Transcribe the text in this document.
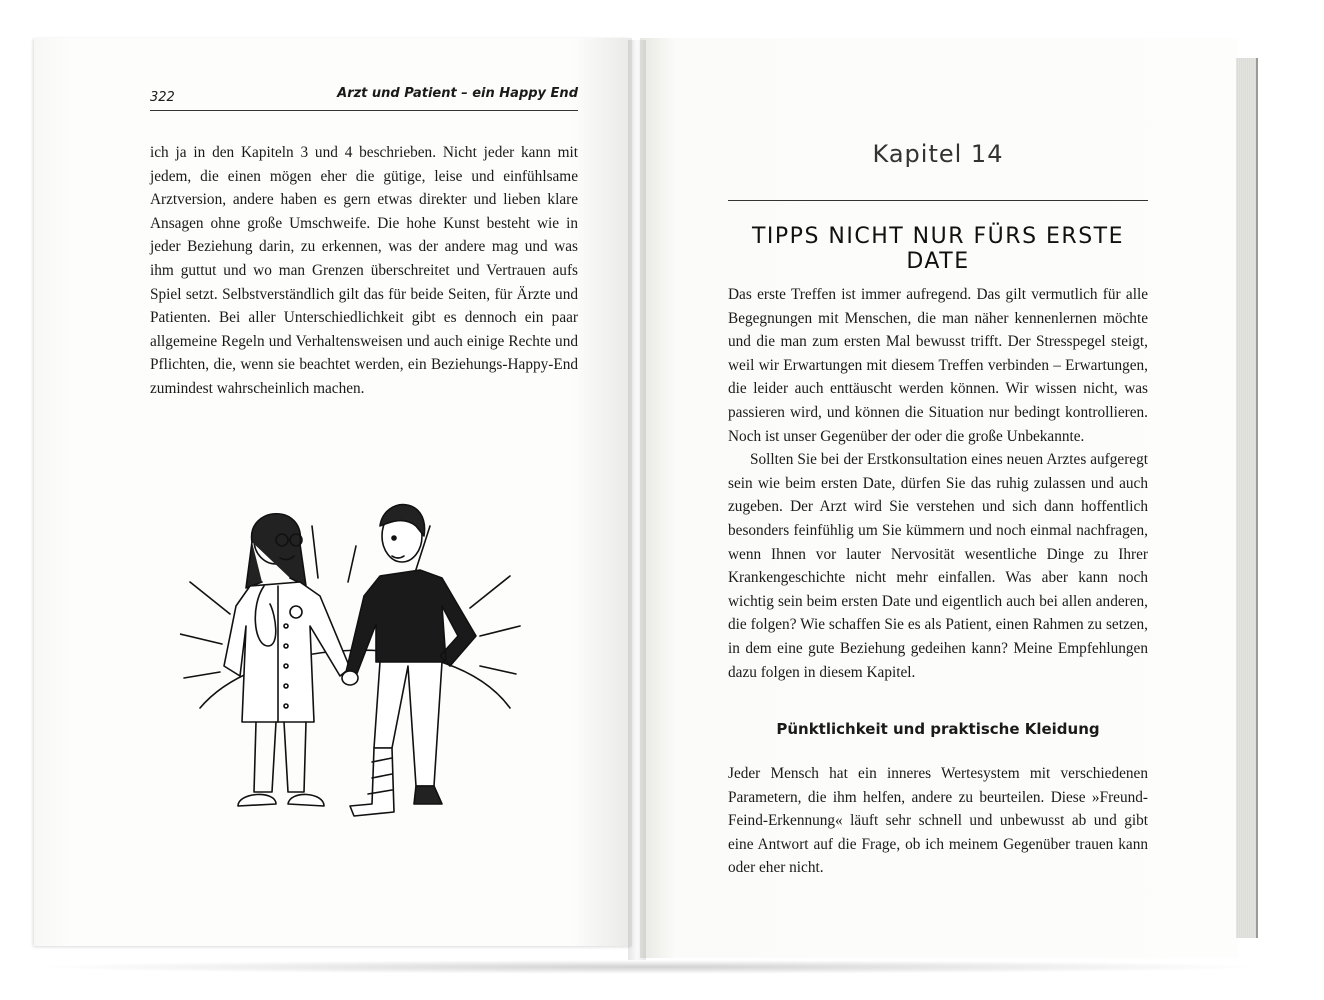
322	Arzt und Patient – ein Happy End

ich ja in den Kapiteln 3 und 4 beschrieben. Nicht jeder kann mit jedem, die einen mögen eher die gütige, leise und einfühlsame Arztversion, andere haben es gern etwas direkter und lieben klare Ansagen ohne große Umschweife. Die hohe Kunst besteht wie in jeder Beziehung darin, zu erkennen, was der andere mag und was ihm guttut und wo man Grenzen überschreitet und Vertrauen aufs Spiel setzt. Selbstverständlich gilt das für beide Seiten, für Ärzte und Patienten. Bei aller Unterschiedlichkeit gibt es dennoch ein paar allgemeine Regeln und Verhaltensweisen und auch einige Rechte und Pflichten, die, wenn sie beachtet werden, ein Beziehungs-Happy-End zumindest wahrscheinlich machen.

Kapitel 14
TIPPS NICHT NUR FÜRS ERSTE DATE

Das erste Treffen ist immer aufregend. Das gilt vermutlich für alle Begegnungen mit Menschen, die man näher kennenlernen möchte und die man zum ersten Mal bewusst trifft. Der Stresspegel steigt, weil wir Erwartungen mit diesem Treffen verbinden – Erwartungen, die leider auch enttäuscht werden können. Wir wissen nicht, was passieren wird, und können die Situation nur bedingt kontrollieren. Noch ist unser Gegenüber der oder die große Unbekannte.

Sollten Sie bei der Erstkonsultation eines neuen Arztes aufgeregt sein wie beim ersten Date, dürfen Sie das ruhig zulassen und auch zugeben. Der Arzt wird Sie verstehen und sich dann hoffentlich besonders feinfühlig um Sie kümmern und noch einmal nachfragen, wenn Ihnen vor lauter Nervosität wesentliche Dinge zu Ihrer Krankengeschichte nicht mehr einfallen. Was aber kann noch wichtig sein beim ersten Date und eigentlich auch bei allen anderen, die folgen? Wie schaffen Sie es als Patient, einen Rahmen zu setzen, in dem eine gute Beziehung gedeihen kann? Meine Empfehlungen dazu folgen in diesem Kapitel.

Pünktlichkeit und praktische Kleidung

Jeder Mensch hat ein inneres Wertesystem mit verschiedenen Parametern, die ihm helfen, andere zu beurteilen. Diese »Freund-Feind-Erkennung« läuft sehr schnell und unbewusst ab und gibt eine Antwort auf die Frage, ob ich meinem Gegenüber trauen kann oder eher nicht.
